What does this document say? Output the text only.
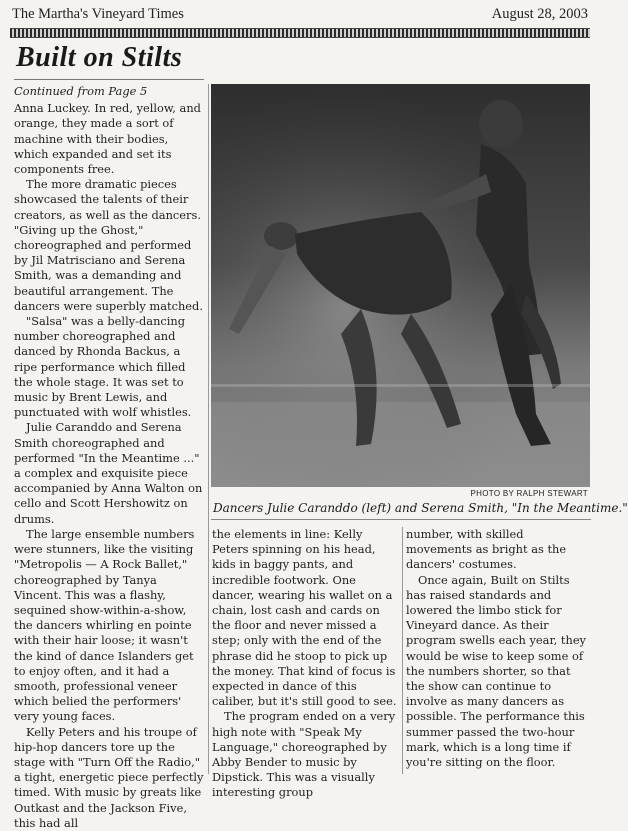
The Martha's Vineyard Times	August 28, 2003
Built on Stilts
Continued from Page 5

Anna Luckey. In red, yellow, and orange, they made a sort of machine with their bodies, which expanded and set its components free.

The more dramatic pieces showcased the talents of their creators, as well as the dancers. "Giving up the Ghost," choreographed and performed by Jil Matrisciano and Serena Smith, was a demanding and beautiful arrangement. The dancers were superbly matched.

"Salsa" was a belly-dancing number choreographed and danced by Rhonda Backus, a ripe performance which filled the whole stage. It was set to music by Brent Lewis, and punctuated with wolf whistles.

Julie Caranddo and Serena Smith choreographed and performed "In the Meantime ..." a complex and exquisite piece accompanied by Anna Walton on cello and Scott Hershowitz on drums.

The large ensemble numbers were stunners, like the visiting "Metropolis — A Rock Ballet," choreographed by Tanya Vincent. This was a flashy, sequined show-within-a-show, the dancers whirling en pointe with their hair loose; it wasn't the kind of dance Islanders get to enjoy often, and it had a smooth, professional veneer which belied the performers' very young faces.

Kelly Peters and his troupe of hip-hop dancers tore up the stage with "Turn Off the Radio," a tight, energetic piece perfectly timed. With music by greats like Outkast and the Jackson Five, this had all

PHOTO BY RALPH STEWART
Dancers Julie Caranddo (left) and Serena Smith, "In the Meantime."

the elements in line: Kelly Peters spinning on his head, kids in baggy pants, and incredible footwork. One dancer, wearing his wallet on a chain, lost cash and cards on the floor and never missed a step; only with the end of the phrase did he stoop to pick up the money. That kind of focus is expected in dance of this caliber, but it's still good to see.

The program ended on a very high note with "Speak My Language," choreographed by Abby Bender to music by Dipstick. This was a visually interesting group

number, with skilled movements as bright as the dancers' costumes.

Once again, Built on Stilts has raised standards and lowered the limbo stick for Vineyard dance. As their program swells each year, they would be wise to keep some of the numbers shorter, so that the show can continue to involve as many dancers as possible. The performance this summer passed the two-hour mark, which is a long time if you're sitting on the floor.
